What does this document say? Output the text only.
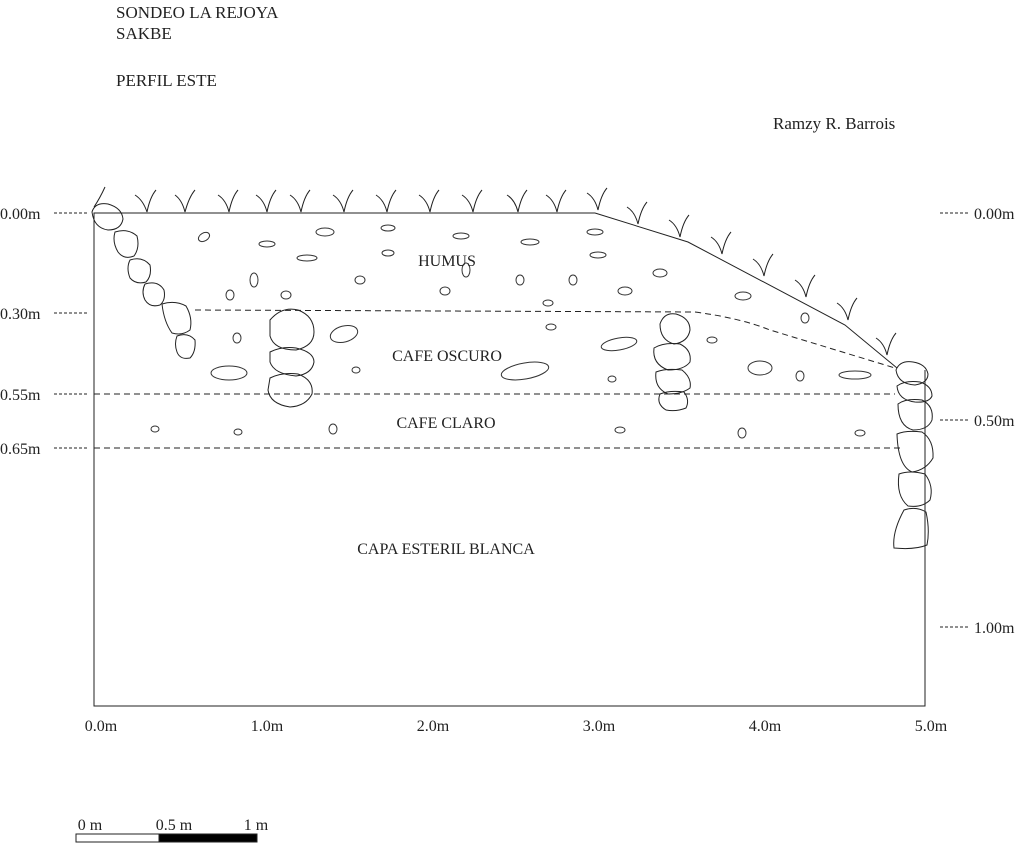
SONDEO LA REJOYA
SAKBE
PERFIL ESTE
Ramzy R. Barrois
0.00m
0.30m
0.55m
0.65m
0.00m
0.50m
1.00m
HUMUS
CAFE OSCURO
CAFE CLARO
CAPA ESTERIL BLANCA
0.0m	1.0m	2.0m	3.0m	4.0m	5.0m
0 m	0.5 m	1 m
